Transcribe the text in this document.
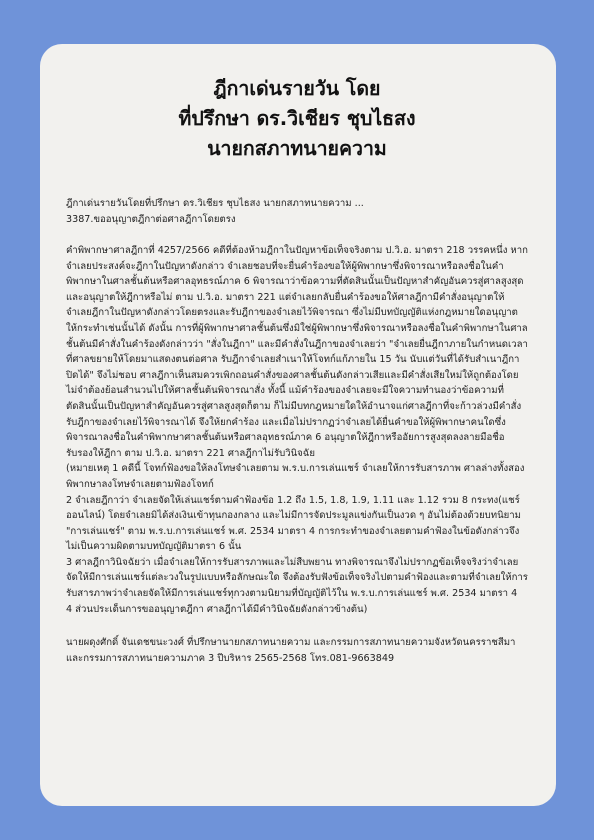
ฎีกาเด่นรายวัน โดย
ที่ปรึกษา ดร.วิเชียร ชุบไธสง
นายกสภาทนายความ
ฎีกาเด่นรายวันโดยที่ปรึกษา ดร.วิเชียร ชุบไธสง นายกสภาทนายความ ...
3387.ขออนุญาตฎีกาต่อศาลฎีกาโดยตรง

คำพิพากษาศาลฎีกาที่ 4257/2566 คดีที่ต้องห้ามฎีกาในปัญหาข้อเท็จจริงตาม ป.วิ.อ. มาตรา 218 วรรคหนึ่ง หากจำเลยประสงค์จะฎีกาในปัญหาดังกล่าว จำเลยชอบที่จะยื่นคำร้องขอให้ผู้พิพากษาซึ่งพิจารณาหรือลงชื่อในคำพิพากษาในศาลชั้นต้นหรือศาลอุทธรณ์ภาค 6 พิจารณาว่าข้อความที่ตัดสินนั้นเป็นปัญหาสำคัญอันควรสู่ศาลสูงสุดและอนุญาตให้ฎีกาหรือไม่ ตาม ป.วิ.อ. มาตรา 221 แต่จำเลยกลับยื่นคำร้องขอให้ศาลฎีกามีคำสั่งอนุญาตให้จำเลยฎีกาในปัญหาดังกล่าวโดยตรงและรับฎีกาของจำเลยไว้พิจารณา ซึ่งไม่มีบทบัญญัติแห่งกฎหมายใดอนุญาตให้กระทำเช่นนั้นได้ ดังนั้น การที่ผู้พิพากษาศาลชั้นต้นซึ่งมิใช่ผู้พิพากษาซึ่งพิจารณาหรือลงชื่อในคำพิพากษาในศาลชั้นต้นมีคำสั่งในคำร้องดังกล่าวว่า "สั่งในฎีกา" และมีคำสั่งในฎีกาของจำเลยว่า "จำเลยยื่นฎีกาภายในกำหนดเวลาที่ศาลขยายให้โดยมาแสดงตนต่อศาล รับฎีกาจำเลยสำเนาให้โจทก์แก้ภายใน 15 วัน นับแต่วันที่ได้รับสำเนาฎีกา ปิดได้" จึงไม่ชอบ ศาลฎีกาเห็นสมควรเพิกถอนคำสั่งของศาลชั้นต้นดังกล่าวเสียและมีคำสั่งเสียใหม่ให้ถูกต้องโดยไม่จำต้องย้อนสำนวนไปให้ศาลชั้นต้นพิจารณาสั่ง ทั้งนี้ แม้คำร้องของจำเลยจะมีใจความทำนองว่าข้อความที่ตัดสินนั้นเป็นปัญหาสำคัญอันควรสู่ศาลสูงสุดก็ตาม ก็ไม่มีบทกฎหมายใดให้อำนาจแก่ศาลฎีกาที่จะก้าวล่วงมีคำสั่งรับฎีกาของจำเลยไว้พิจารณาได้ จึงให้ยกคำร้อง และเมื่อไม่ปรากฏว่าจำเลยได้ยื่นคำขอให้ผู้พิพากษาคนใดซึ่งพิจารณาลงชื่อในคำพิพากษาศาลชั้นต้นหรือศาลอุทธรณ์ภาค 6 อนุญาตให้ฎีกาหรืออัยการสูงสุดลงลายมือชื่อรับรองให้ฎีกา ตาม ป.วิ.อ. มาตรา 221 ศาลฎีกาไม่รับวินิจฉัย

(หมายเหตุ 1 คดีนี้ โจทก์ฟ้องขอให้ลงโทษจำเลยตาม พ.ร.บ.การเล่นแชร์ จำเลยให้การรับสารภาพ ศาลล่างทั้งสองพิพากษาลงโทษจำเลยตามฟ้องโจทก์

2 จำเลยฎีกาว่า จำเลยจัดให้เล่นแชร์ตามคำฟ้องข้อ 1.2 ถึง 1.5, 1.8, 1.9, 1.11 และ 1.12 รวม 8 กระทง(แชร์ออนไลน์) โดยจำเลยมิได้ส่งเงินเข้าทุนกองกลาง และไม่มีการจัดประมูลแข่งกันเป็นงวด ๆ อันไม่ต้องด้วยบทนิยาม "การเล่นแชร์" ตาม พ.ร.บ.การเล่นแชร์ พ.ศ. 2534 มาตรา 4 การกระทำของจำเลยตามคำฟ้องในข้อดังกล่าวจึงไม่เป็นความผิดตามบทบัญญัติมาตรา 6 นั้น

3 ศาลฎีกาวินิจฉัยว่า เมื่อจำเลยให้การรับสารภาพและไม่สืบพยาน ทางพิจารณาจึงไม่ปรากฏข้อเท็จจริงว่าจำเลยจัดให้มีการเล่นแชร์แต่ละวงในรูปแบบหรือลักษณะใด จึงต้องรับฟังข้อเท็จจริงไปตามคำฟ้องและตามที่จำเลยให้การรับสารภาพว่าจำเลยจัดให้มีการเล่นแชร์ทุกวงตามนิยามที่บัญญัติไว้ใน พ.ร.บ.การเล่นแชร์ พ.ศ. 2534 มาตรา 4

4 ส่วนประเด็นการขออนุญาตฎีกา ศาลฎีกาได้มีคำวินิจฉัยดังกล่าวข้างต้น)

นายผดุงศักดิ์ จันเดชขนะวงศ์ ที่ปรึกษานายกสภาทนายความ และกรรมการสภาทนายความจังหวัดนครราชสีมา และกรรมการสภาทนายความภาค 3 ปีบริหาร 2565-2568 โทร.081-9663849
